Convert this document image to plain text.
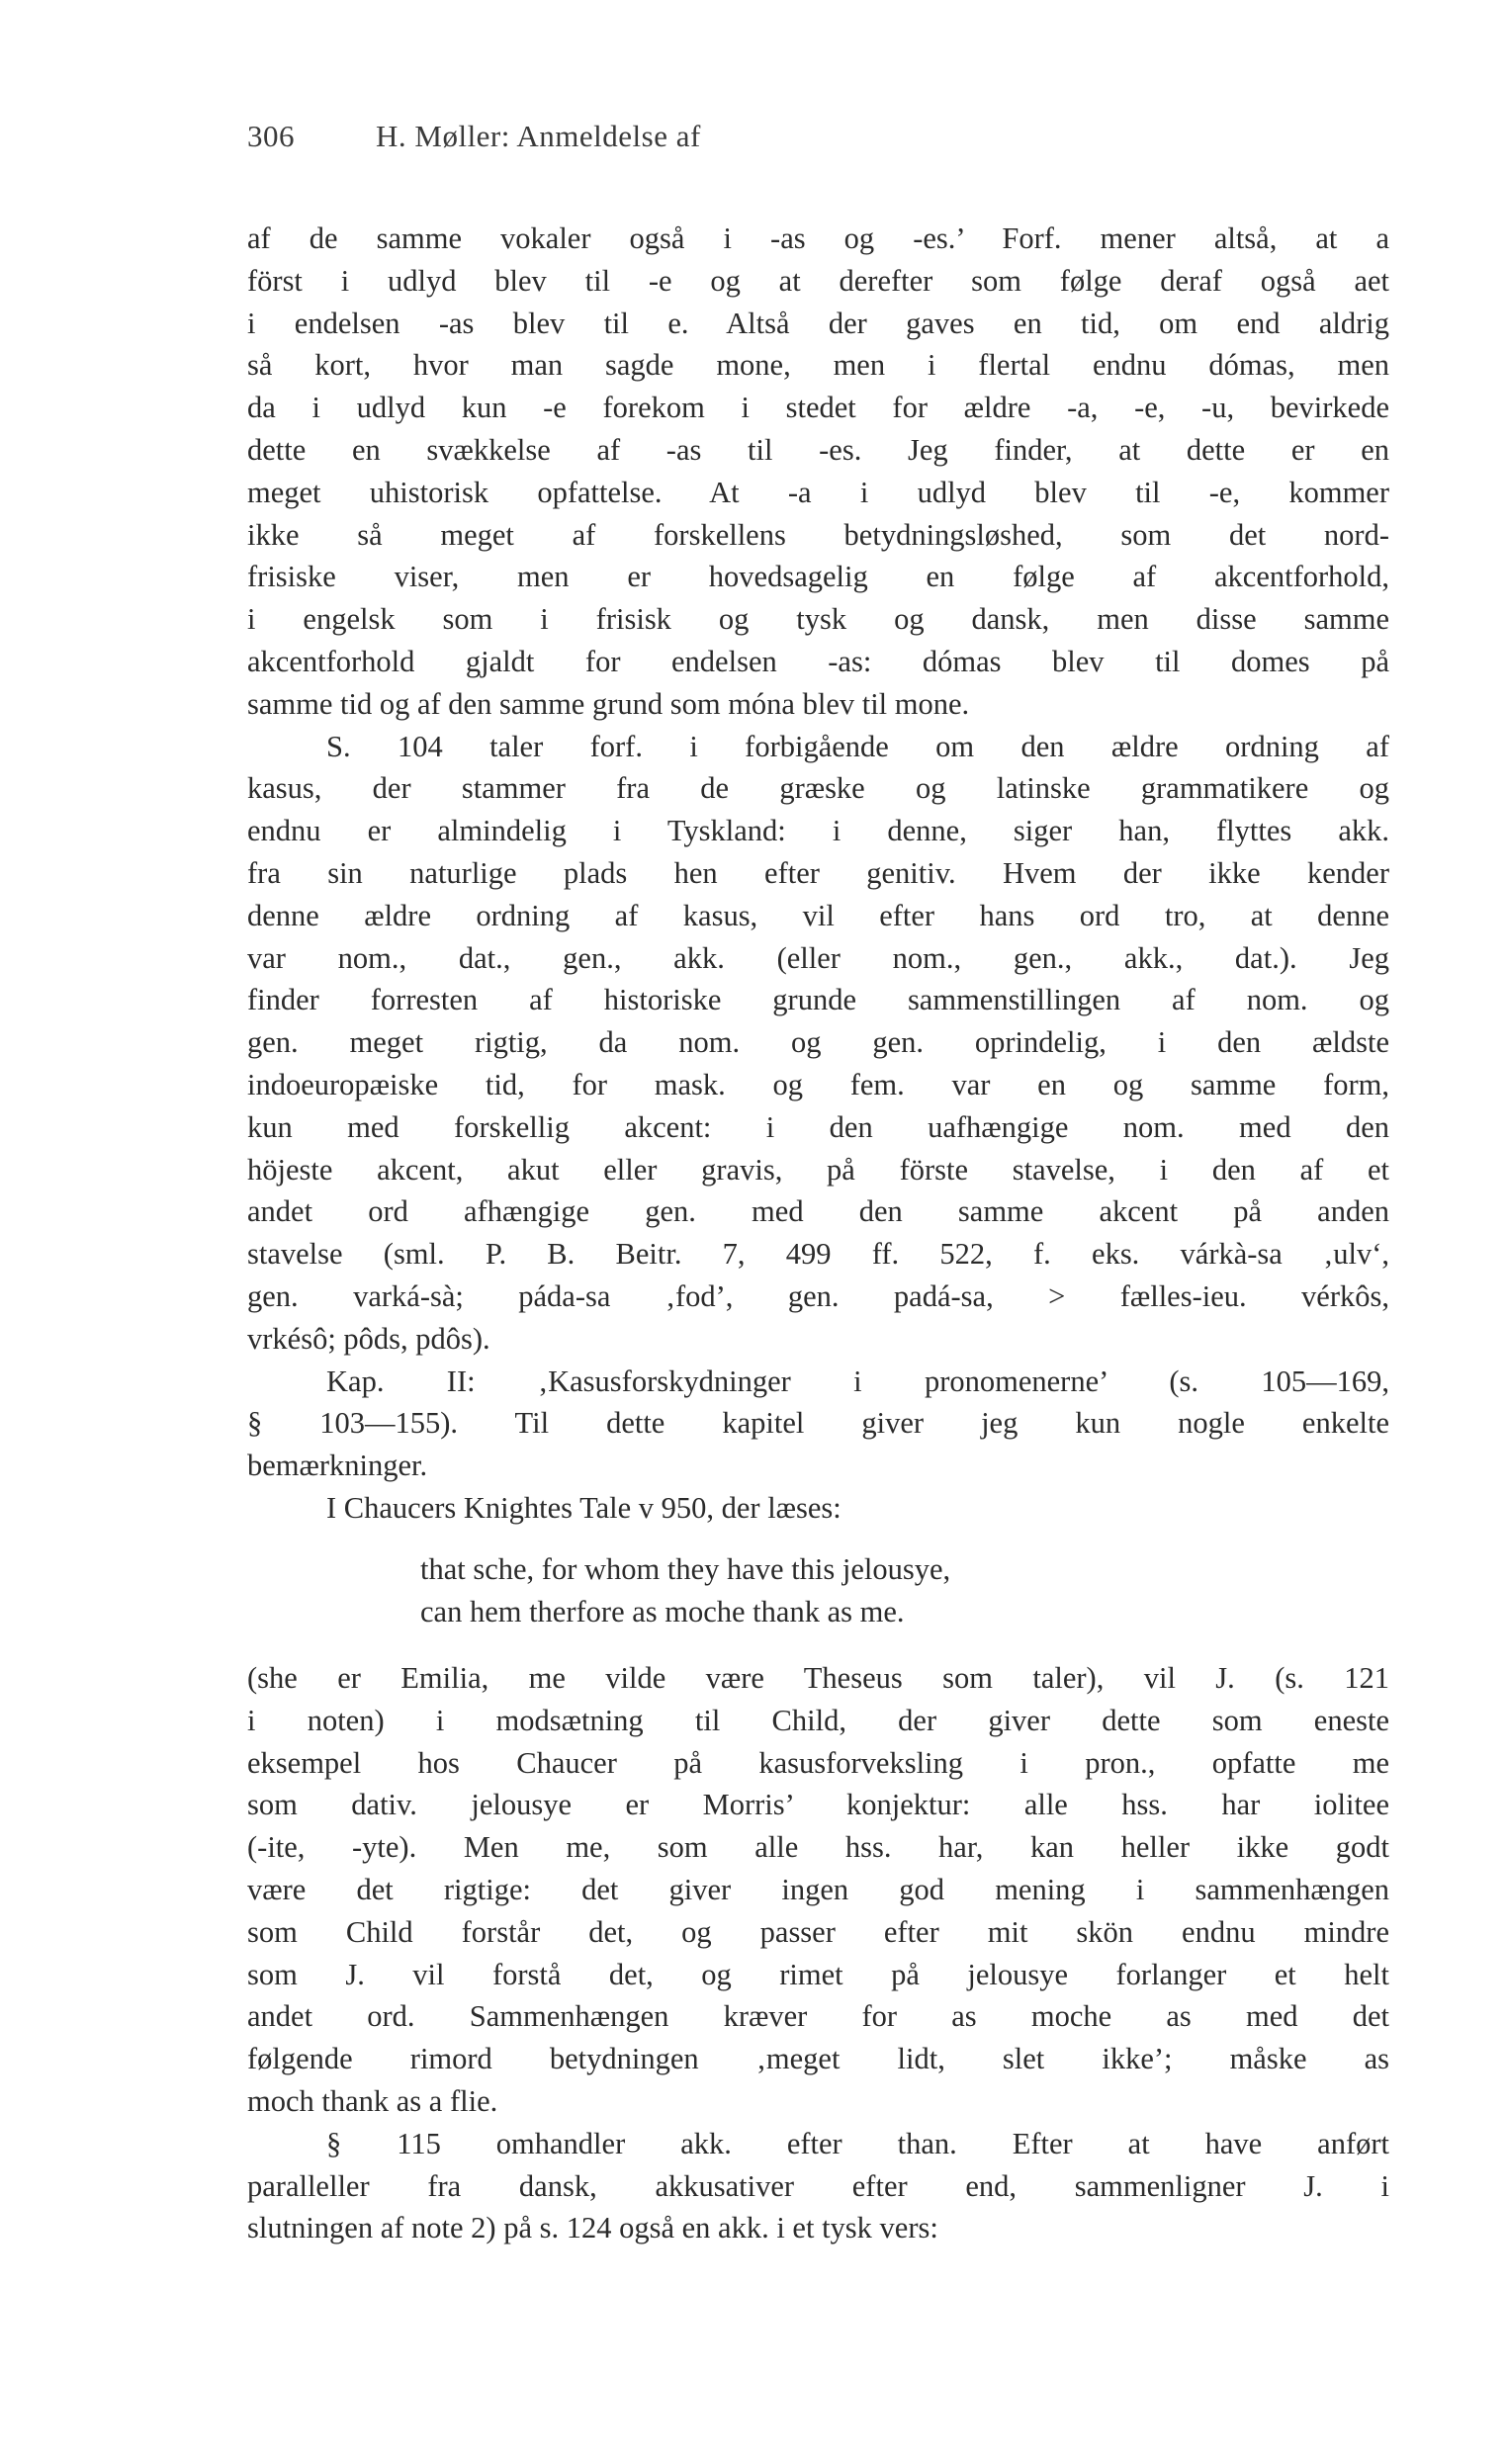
306	H. Møller: Anmeldelse af
af de samme vokaler også i -as og -es.’ Forf. mener altså, at a
först i udlyd blev til -e og at derefter som følge deraf også aet
i endelsen -as blev til e. Altså der gaves en tid, om end aldrig
så kort, hvor man sagde mone, men i flertal endnu dómas, men
da i udlyd kun -e forekom i stedet for ældre -a, -e, -u, bevirkede
dette en svækkelse af -as til -es. Jeg finder, at dette er en
meget uhistorisk opfattelse. At -a i udlyd blev til -e, kommer
ikke så meget af forskellens betydningsløshed, som det nord-
frisiske viser, men er hovedsagelig en følge af akcentforhold,
i engelsk som i frisisk og tysk og dansk, men disse samme
akcentforhold gjaldt for endelsen -as: dómas blev til domes på
samme tid og af den samme grund som móna blev til mone.
S. 104 taler forf. i forbigående om den ældre ordning af
kasus, der stammer fra de græske og latinske grammatikere og
endnu er almindelig i Tyskland: i denne, siger han, flyttes akk.
fra sin naturlige plads hen efter genitiv. Hvem der ikke kender
denne ældre ordning af kasus, vil efter hans ord tro, at denne
var nom., dat., gen., akk. (eller nom., gen., akk., dat.). Jeg
finder forresten af historiske grunde sammenstillingen af nom. og
gen. meget rigtig, da nom. og gen. oprindelig, i den ældste
indoeuropæiske tid, for mask. og fem. var en og samme form,
kun med forskellig akcent: i den uafhængige nom. med den
höjeste akcent, akut eller gravis, på förste stavelse, i den af et
andet ord afhængige gen. med den samme akcent på anden
stavelse (sml. P. B. Beitr. 7, 499 ff. 522, f. eks. várkà-sa ‚ulv‘,
gen. varká-sà; páda-sa ‚fod’, gen. padá-sa, > fælles-ieu. vérkôs,
vrkésô; pôds, pdôs).
Kap. II: ‚Kasusforskydninger i pronomenerne’ (s. 105—169,
§ 103—155). Til dette kapitel giver jeg kun nogle enkelte
bemærkninger.
I Chaucers Knightes Tale v 950, der læses:
that sche, for whom they have this jelousye,
can hem therfore as moche thank as me.
(she er Emilia, me vilde være Theseus som taler), vil J. (s. 121
i noten) i modsætning til Child, der giver dette som eneste
eksempel hos Chaucer på kasusforveksling i pron., opfatte me
som dativ. jelousye er Morris’ konjektur: alle hss. har iolitee
(-ite, -yte). Men me, som alle hss. har, kan heller ikke godt
være det rigtige: det giver ingen god mening i sammenhængen
som Child forstår det, og passer efter mit skön endnu mindre
som J. vil forstå det, og rimet på jelousye forlanger et helt
andet ord. Sammenhængen kræver for as moche as med det
følgende rimord betydningen ‚meget lidt, slet ikke’; måske as
moch thank as a flie.
§ 115 omhandler akk. efter than. Efter at have anført
paralleller fra dansk, akkusativer efter end, sammenligner J. i
slutningen af note 2) på s. 124 også en akk. i et tysk vers:
